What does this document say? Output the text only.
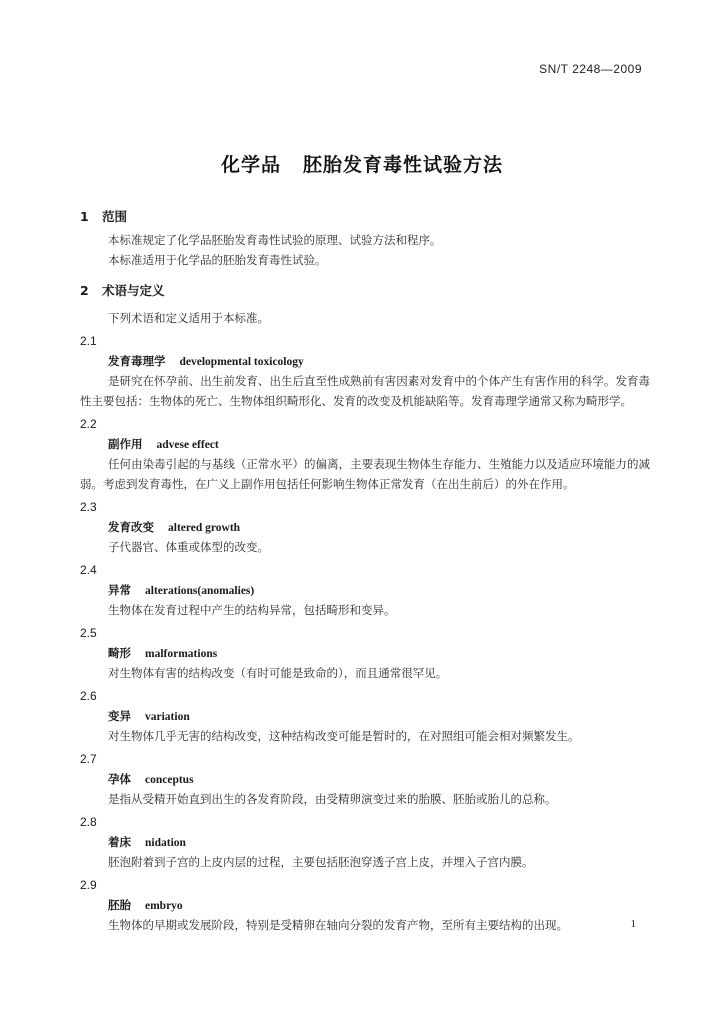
SN/T 2248—2009
化学品 胚胎发育毒性试验方法
1 范围
本标准规定了化学品胚胎发育毒性试验的原理、试验方法和程序。
本标准适用于化学品的胚胎发育毒性试验。
2 术语与定义
下列术语和定义适用于本标准。
2.1
发育毒理学 developmental toxicology
是研究在怀孕前、出生前发育、出生后直至性成熟前有害因素对发育中的个体产生有害作用的科学。发育毒性主要包括：生物体的死亡、生物体组织畸形化、发育的改变及机能缺陷等。发育毒理学通常又称为畸形学。
2.2
副作用 advese effect
任何由染毒引起的与基线（正常水平）的偏离，主要表现生物体生存能力、生殖能力以及适应环境能力的减弱。考虑到发育毒性，在广义上副作用包括任何影响生物体正常发育（在出生前后）的外在作用。
2.3
发育改变 altered growth
子代器官、体重或体型的改变。
2.4
异常 alterations(anomalies)
生物体在发育过程中产生的结构异常，包括畸形和变异。
2.5
畸形 malformations
对生物体有害的结构改变（有时可能是致命的），而且通常很罕见。
2.6
变异 variation
对生物体几乎无害的结构改变，这种结构改变可能是暂时的，在对照组可能会相对频繁发生。
2.7
孕体 conceptus
是指从受精开始直到出生的各发育阶段，由受精卵演变过来的胎膜、胚胎或胎儿的总称。
2.8
着床 nidation
胚泡附着到子宫的上皮内层的过程，主要包括胚泡穿透子宫上皮，并埋入子宫内膜。
2.9
胚胎 embryo
生物体的早期或发展阶段，特别是受精卵在轴向分裂的发育产物，至所有主要结构的出现。	1
